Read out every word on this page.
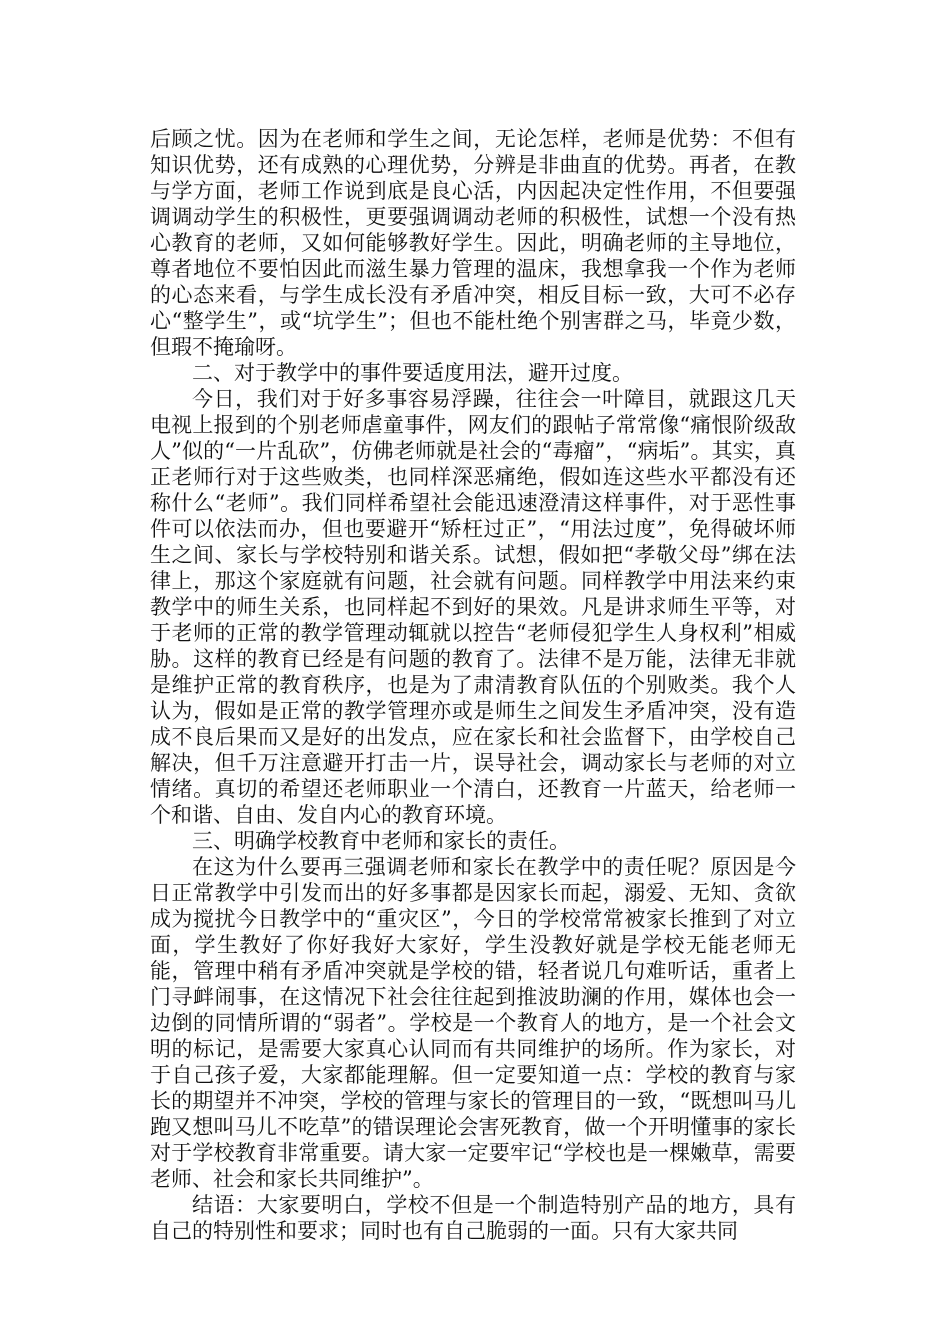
后顾之忧。因为在老师和学生之间，无论怎样，老师是优势：不但有知识优势，还有成熟的心理优势，分辨是非曲直的优势。再者，在教与学方面，老师工作说到底是良心活，内因起决定性作用，不但要强调调动学生的积极性，更要强调调动老师的积极性，试想一个没有热心教育的老师，又如何能够教好学生。因此，明确老师的主导地位，尊者地位不要怕因此而滋生暴力管理的温床，我想拿我一个作为老师的心态来看，与学生成长没有矛盾冲突，相反目标一致，大可不必存心“整学生”，或“坑学生”；但也不能杜绝个别害群之马，毕竟少数，但瑕不掩瑜呀。

二、对于教学中的事件要适度用法，避开过度。

今日，我们对于好多事容易浮躁，往往会一叶障目，就跟这几天电视上报到的个别老师虐童事件，网友们的跟帖子常常像“痛恨阶级敌人”似的“一片乱砍”，仿佛老师就是社会的“毒瘤”，“病垢”。其实，真正老师行对于这些败类，也同样深恶痛绝，假如连这些水平都没有还称什么“老师”。我们同样希望社会能迅速澄清这样事件，对于恶性事件可以依法而办，但也要避开“矫枉过正”，“用法过度”，免得破坏师生之间、家长与学校特别和谐关系。试想，假如把“孝敬父母”绑在法律上，那这个家庭就有问题，社会就有问题。同样教学中用法来约束教学中的师生关系，也同样起不到好的果效。凡是讲求师生平等，对于老师的正常的教学管理动辄就以控告“老师侵犯学生人身权利”相威胁。这样的教育已经是有问题的教育了。法律不是万能，法律无非就是维护正常的教育秩序，也是为了肃清教育队伍的个别败类。我个人认为，假如是正常的教学管理亦或是师生之间发生矛盾冲突，没有造成不良后果而又是好的出发点，应在家长和社会监督下，由学校自己解决，但千万注意避开打击一片，误导社会，调动家长与老师的对立情绪。真切的希望还老师职业一个清白，还教育一片蓝天，给老师一个和谐、自由、发自内心的教育环境。

三、明确学校教育中老师和家长的责任。

在这为什么要再三强调老师和家长在教学中的责任呢？原因是今日正常教学中引发而出的好多事都是因家长而起，溺爱、无知、贪欲成为搅扰今日教学中的“重灾区”，今日的学校常常被家长推到了对立面，学生教好了你好我好大家好，学生没教好就是学校无能老师无能，管理中稍有矛盾冲突就是学校的错，轻者说几句难听话，重者上门寻衅闹事，在这情况下社会往往起到推波助澜的作用，媒体也会一边倒的同情所谓的“弱者”。学校是一个教育人的地方，是一个社会文明的标记，是需要大家真心认同而有共同维护的场所。作为家长，对于自己孩子爱，大家都能理解。但一定要知道一点：学校的教育与家长的期望并不冲突，学校的管理与家长的管理目的一致，“既想叫马儿跑又想叫马儿不吃草”的错误理论会害死教育，做一个开明懂事的家长对于学校教育非常重要。请大家一定要牢记“学校也是一棵嫩草，需要老师、社会和家长共同维护”。

结语：大家要明白，学校不但是一个制造特别产品的地方，具有自己的特别性和要求；同时也有自己脆弱的一面。只有大家共同
